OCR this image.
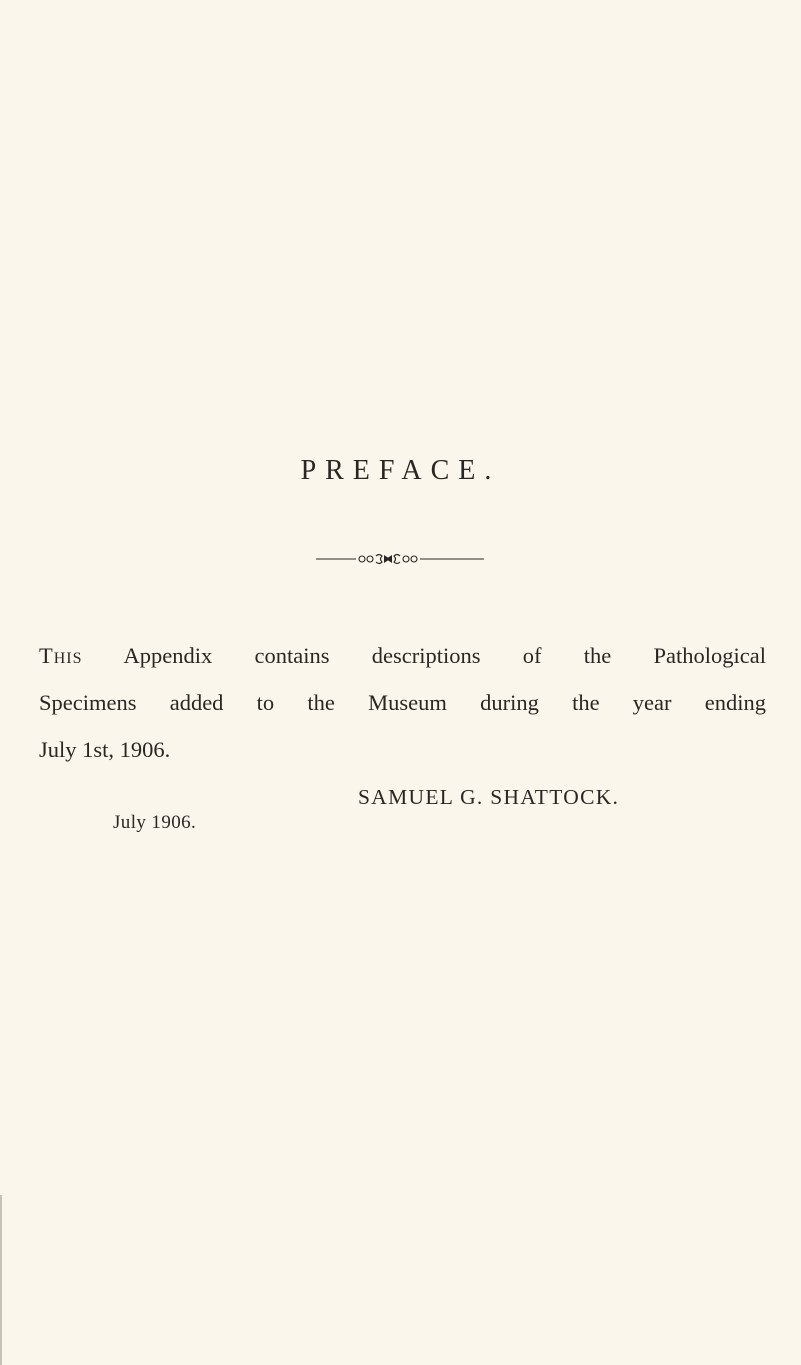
PREFACE.
This Appendix contains descriptions of the Pathological
Specimens added to the Museum during the year ending
July 1st, 1906.
SAMUEL G. SHATTOCK.
July 1906.
